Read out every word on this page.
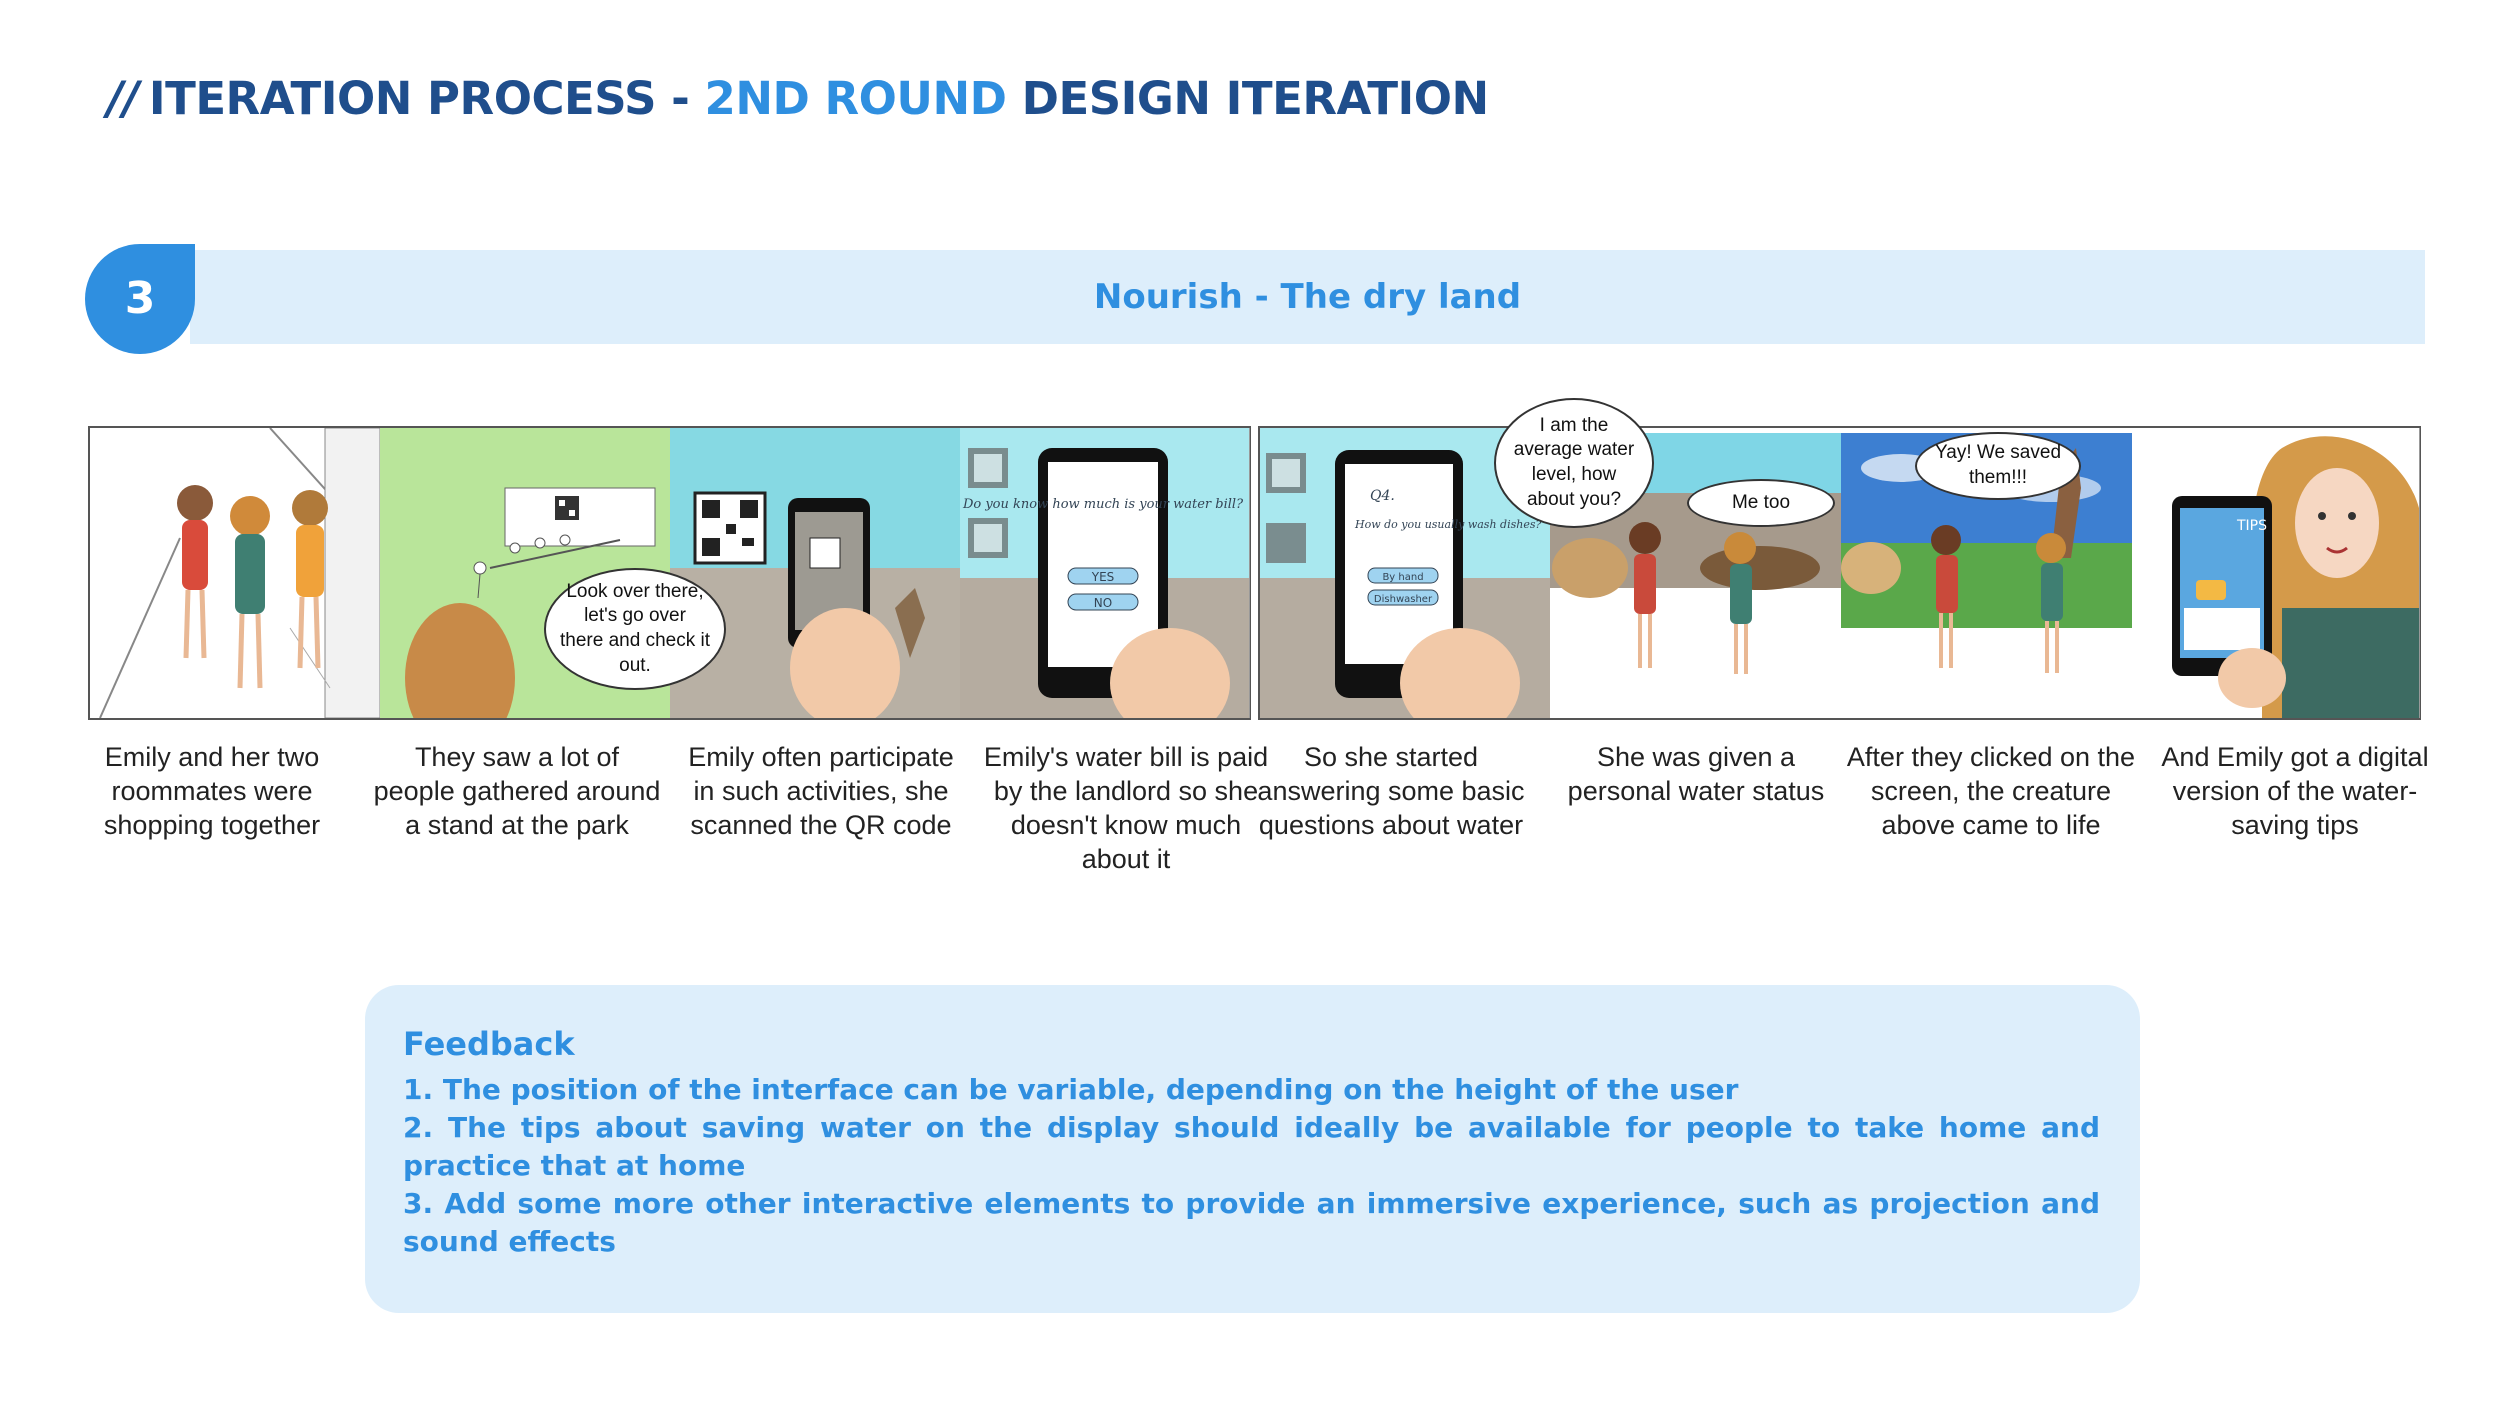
// ITERATION PROCESS - 2ND ROUND DESIGN ITERATION
Nourish - The dry land
3
Do you know how much is your water bill?
YES
NO
Look over there, let's go over there and check it out.
Q4.
How do you usually wash dishes?
By hand
Dishwasher
TIPS
I am the average water level, how about you?	Me too
Yay! We saved them!!!
Emily and her two roommates were shopping together
They saw a lot of people gathered around a stand at the park
Emily often participate in such activities, she scanned the QR code
Emily's water bill is paid by the landlord so she doesn't know much about it
So she started answering some basic questions about water
She was given a personal water status
After they clicked on the screen, the creature above came to life
And Emily got a digital version of the water-saving tips

Feedback

1. The position of the interface can be variable, depending on the height of the user

2. The tips about saving water on the display should ideally be available for people to take home and practice that at home

3. Add some more other interactive elements to provide an immersive experience, such as projection and sound effects
